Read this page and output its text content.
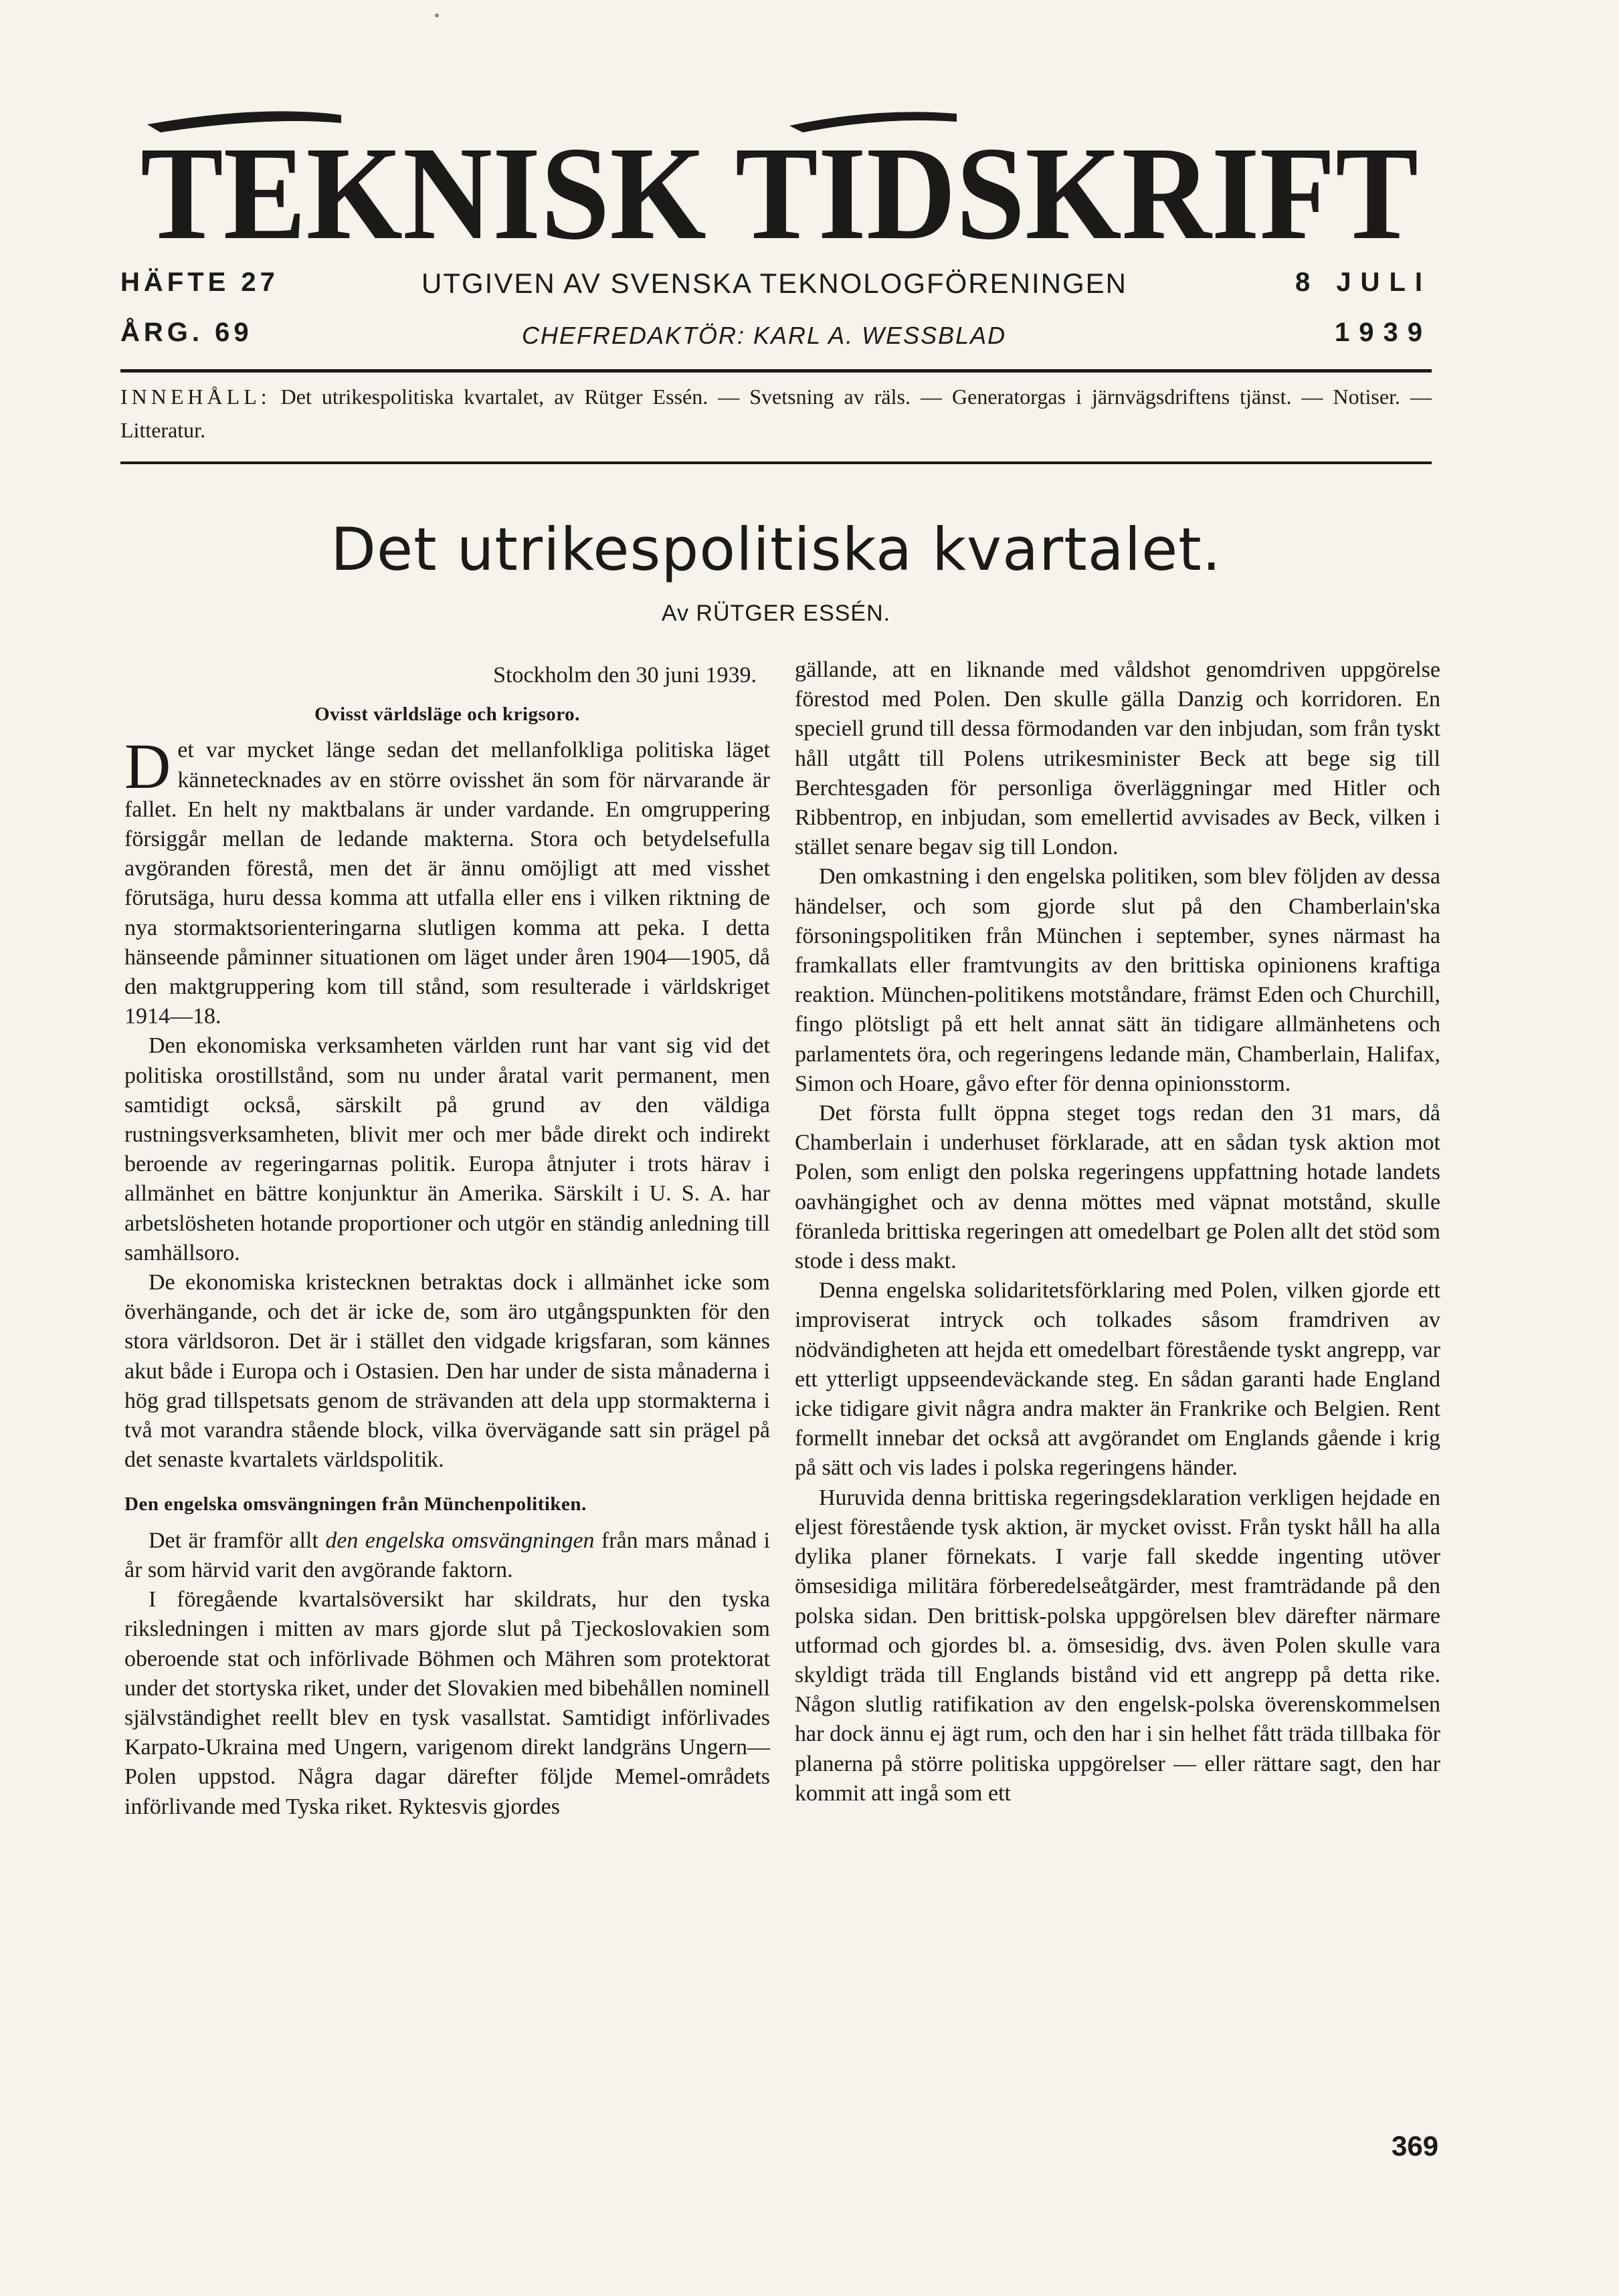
TEKNISK TIDSKRIFT
HÄFTE 27	UTGIVEN AV SVENSKA TEKNOLOGFÖRENINGEN	8 JULI
ÅRG. 69	CHEFREDAKTÖR: KARL A. WESSBLAD	1939
INNEHÅLL: Det utrikespolitiska kvartalet, av Rütger Essén. — Svetsning av räls. — Generatorgas i järnvägsdriftens tjänst. — Notiser. — Litteratur.
Det utrikespolitiska kvartalet.
Av RÜTGER ESSÉN.

Stockholm den 30 juni 1939.

Ovisst världsläge och krigsoro.

Det var mycket länge sedan det mellanfolkliga politiska läget kännetecknades av en större ovisshet än som för närvarande är fallet. En helt ny maktbalans är under vardande. En omgruppering försiggår mellan de ledande makterna. Stora och betydelsefulla avgöranden förestå, men det är ännu omöjligt att med visshet förutsäga, huru dessa komma att utfalla eller ens i vilken riktning de nya stormaktsorienteringarna slutligen komma att peka. I detta hänseende påminner situationen om läget under åren 1904—1905, då den maktgruppering kom till stånd, som resulterade i världskriget 1914—18.

Den ekonomiska verksamheten världen runt har vant sig vid det politiska orostillstånd, som nu under åratal varit permanent, men samtidigt också, särskilt på grund av den väldiga rustningsverksamheten, blivit mer och mer både direkt och indirekt beroende av regeringarnas politik. Europa åtnjuter i trots härav i allmänhet en bättre konjunktur än Amerika. Särskilt i U. S. A. har arbetslösheten hotande proportioner och utgör en ständig anledning till samhällsoro.

De ekonomiska kristecknen betraktas dock i allmänhet icke som överhängande, och det är icke de, som äro utgångspunkten för den stora världsoron. Det är i stället den vidgade krigsfaran, som kännes akut både i Europa och i Ostasien. Den har under de sista månaderna i hög grad tillspetsats genom de strävanden att dela upp stormakterna i två mot varandra stående block, vilka övervägande satt sin prägel på det senaste kvartalets världspolitik.

Den engelska omsvängningen från Münchenpolitiken.

Det är framför allt den engelska omsvängningen från mars månad i år som härvid varit den avgörande faktorn.

I föregående kvartalsöversikt har skildrats, hur den tyska riksledningen i mitten av mars gjorde slut på Tjeckoslovakien som oberoende stat och införlivade Böhmen och Mähren som protektorat under det stortyska riket, under det Slovakien med bibehållen nominell självständighet reellt blev en tysk vasallstat. Samtidigt införlivades Karpato-Ukraina med Ungern, varigenom direkt landgräns Ungern—Polen uppstod. Några dagar därefter följde Memel-områdets införlivande med Tyska riket. Ryktesvis gjordes

gällande, att en liknande med våldshot genomdriven uppgörelse förestod med Polen. Den skulle gälla Danzig och korridoren. En speciell grund till dessa förmodanden var den inbjudan, som från tyskt håll utgått till Polens utrikesminister Beck att bege sig till Berchtesgaden för personliga överläggningar med Hitler och Ribbentrop, en inbjudan, som emellertid avvisades av Beck, vilken i stället senare begav sig till London.

Den omkastning i den engelska politiken, som blev följden av dessa händelser, och som gjorde slut på den Chamberlain'ska försoningspolitiken från München i september, synes närmast ha framkallats eller framtvungits av den brittiska opinionens kraftiga reaktion. München-politikens motståndare, främst Eden och Churchill, fingo plötsligt på ett helt annat sätt än tidigare allmänhetens och parlamentets öra, och regeringens ledande män, Chamberlain, Halifax, Simon och Hoare, gåvo efter för denna opinionsstorm.

Det första fullt öppna steget togs redan den 31 mars, då Chamberlain i underhuset förklarade, att en sådan tysk aktion mot Polen, som enligt den polska regeringens uppfattning hotade landets oavhängighet och av denna möttes med väpnat motstånd, skulle föranleda brittiska regeringen att omedelbart ge Polen allt det stöd som stode i dess makt.

Denna engelska solidaritetsförklaring med Polen, vilken gjorde ett improviserat intryck och tolkades såsom framdriven av nödvändigheten att hejda ett omedelbart förestående tyskt angrepp, var ett ytterligt uppseendeväckande steg. En sådan garanti hade England icke tidigare givit några andra makter än Frankrike och Belgien. Rent formellt innebar det också att avgörandet om Englands gående i krig på sätt och vis lades i polska regeringens händer.

Huruvida denna brittiska regeringsdeklaration verkligen hejdade en eljest förestående tysk aktion, är mycket ovisst. Från tyskt håll ha alla dylika planer förnekats. I varje fall skedde ingenting utöver ömsesidiga militära förberedelseåtgärder, mest framträdande på den polska sidan. Den brittisk-polska uppgörelsen blev därefter närmare utformad och gjordes bl. a. ömsesidig, dvs. även Polen skulle vara skyldigt träda till Englands bistånd vid ett angrepp på detta rike. Någon slutlig ratifikation av den engelsk-polska överenskommelsen har dock ännu ej ägt rum, och den har i sin helhet fått träda tillbaka för planerna på större politiska uppgörelser — eller rättare sagt, den har kommit att ingå som ett

369
